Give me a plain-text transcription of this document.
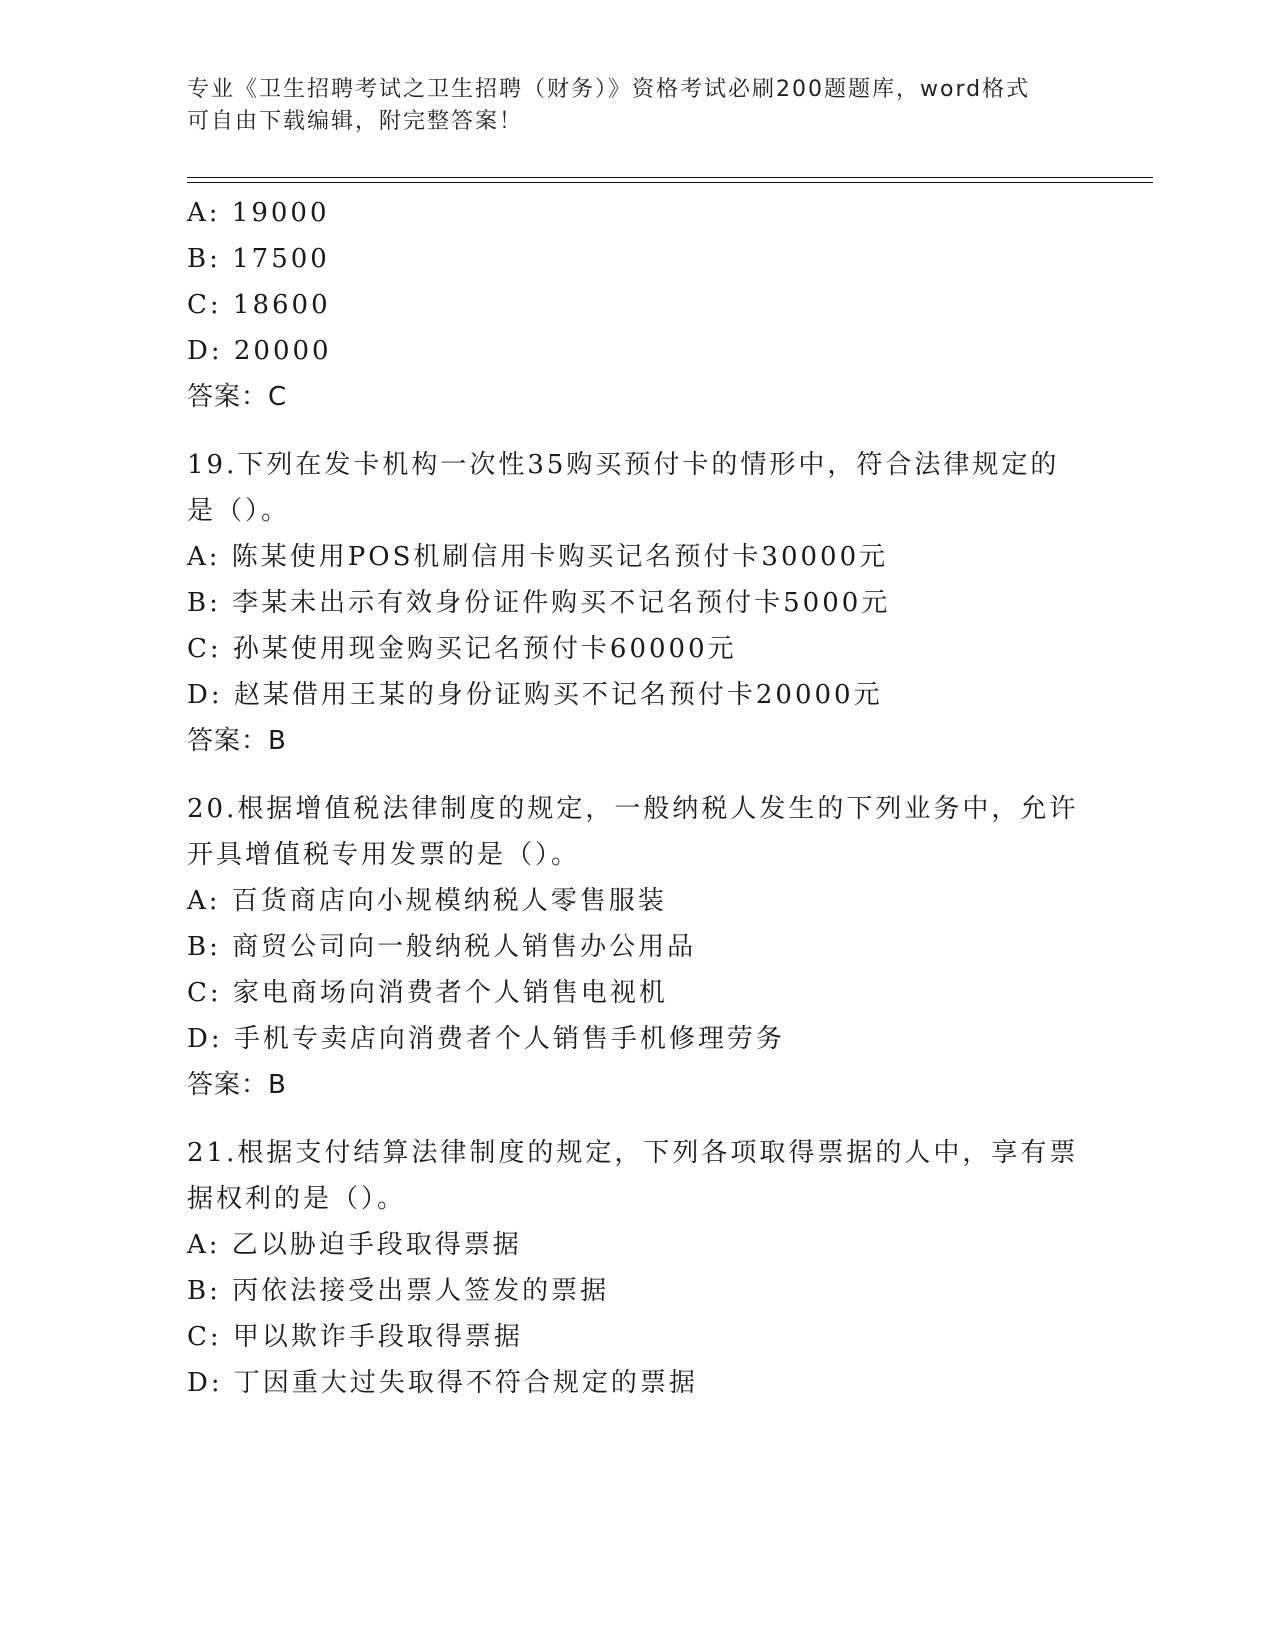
专业《卫生招聘考试之卫生招聘（财务）》资格考试必刷200题题库，word格式
可自由下载编辑，附完整答案！
A: 19000
B: 17500
C: 18600
D: 20000
答案：C
19.下列在发卡机构一次性35购买预付卡的情形中，符合法律规定的
是（）。
A: 陈某使用POS机刷信用卡购买记名预付卡30000元
B: 李某未出示有效身份证件购买不记名预付卡5000元
C: 孙某使用现金购买记名预付卡60000元
D: 赵某借用王某的身份证购买不记名预付卡20000元
答案：B
20.根据增值税法律制度的规定，一般纳税人发生的下列业务中，允许
开具增值税专用发票的是（）。
A: 百货商店向小规模纳税人零售服装
B: 商贸公司向一般纳税人销售办公用品
C: 家电商场向消费者个人销售电视机
D: 手机专卖店向消费者个人销售手机修理劳务
答案：B
21.根据支付结算法律制度的规定，下列各项取得票据的人中，享有票
据权利的是（）。
A: 乙以胁迫手段取得票据
B: 丙依法接受出票人签发的票据
C: 甲以欺诈手段取得票据
D: 丁因重大过失取得不符合规定的票据
